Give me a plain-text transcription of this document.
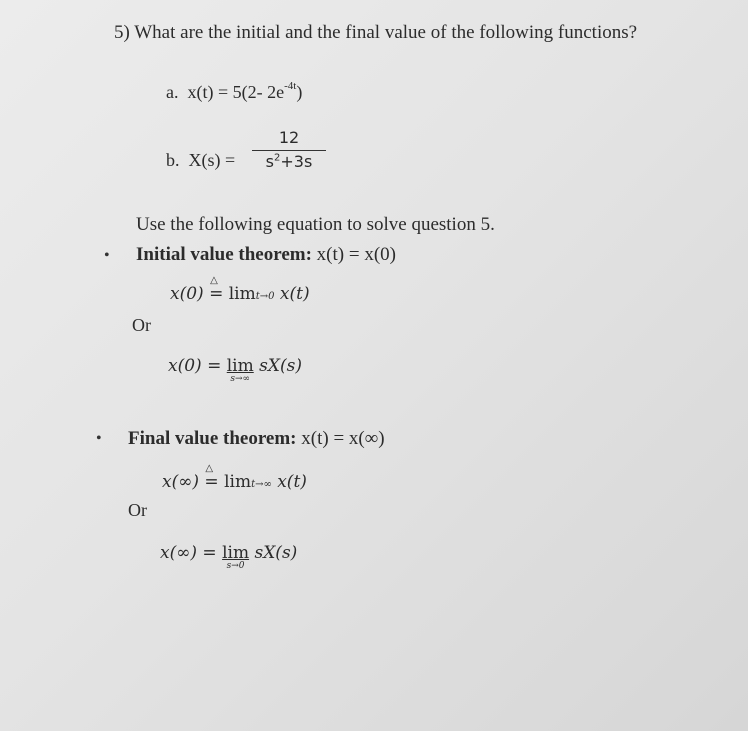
5) What are the initial and the final value of the following functions?
a. x(t) = 5(2- $2e^{-4t}$)
b. $X(s) = \frac{12}{s^2+3s}$
Use the following equation to solve question 5.
• Initial value theorem: x(t) = x(0)
x(0)
△
= limt→0 x(t)
Or
x(0) = lim
s→∞
sX(s)
• Final value theorem: x(t) = x(∞)
x(∞)
△
= limt→∞ x(t)
Or
x(∞) = lim
s→0
sX(s)
